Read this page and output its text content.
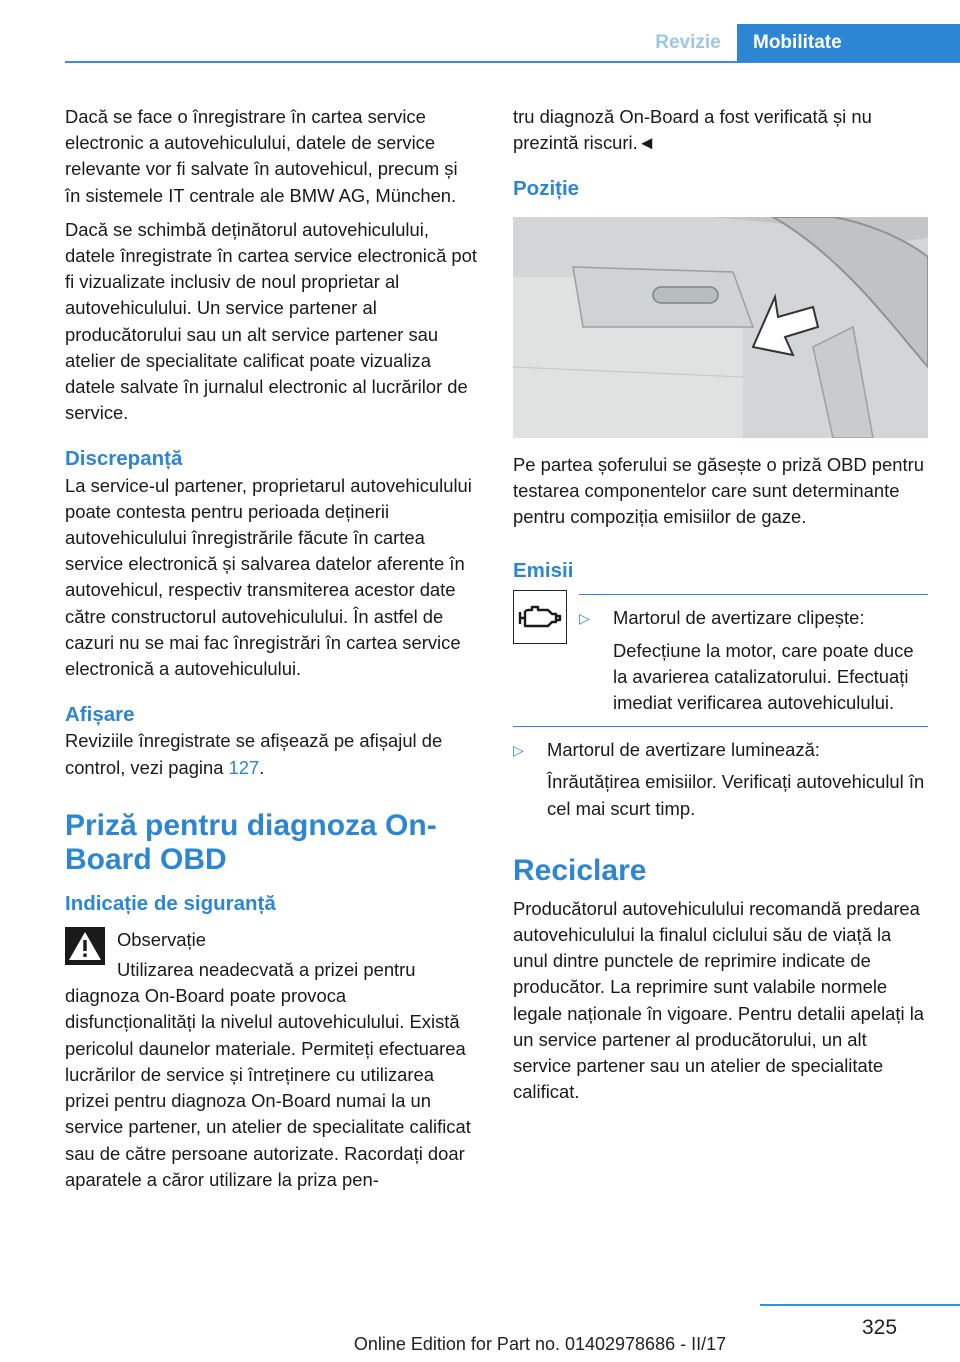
Revizie	Mobilitate

Dacă se face o înregistrare în cartea service electronic a autovehiculului, datele de service relevante vor fi salvate în autovehicul, precum și în sistemele IT centrale ale BMW AG, München.

Dacă se schimbă deținătorul autovehiculului, datele înregistrate în cartea service electronică pot fi vizualizate inclusiv de noul proprietar al autovehiculului. Un service partener al producătorului sau un alt service partener sau atelier de specialitate calificat poate vizualiza datele salvate în jurnalul electronic al lucrărilor de service.

Discrepanță

La service-ul partener, proprietarul autovehiculului poate contesta pentru perioada deținerii autovehiculului înregistrările făcute în cartea service electronică și salvarea datelor aferente în autovehicul, respectiv transmiterea acestor date către constructorul autovehiculului. În astfel de cazuri nu se mai fac înregistrări în cartea service electronică a autovehiculului.

Afișare

Reviziile înregistrate se afișează pe afișajul de control, vezi pagina 127.

Priză pentru diagnoza On-Board OBD
Indicație de siguranță
Observație

Utilizarea neadecvată a prizei pentru diagnoza On-Board poate provoca disfuncționalități la nivelul autovehiculului. Există pericolul daunelor materiale. Permiteți efectuarea lucrărilor de service și întreținere cu utilizarea prizei pentru diagnoza On-Board numai la un service partener, un atelier de specialitate calificat sau de către persoane autorizate. Racordați doar aparatele a căror utilizare la priza pen-

tru diagnoză On-Board a fost verificată și nu prezintă riscuri.◄

Poziție

Pe partea șoferului se găsește o priză OBD pentru testarea componentelor care sunt determinante pentru compoziția emisiilor de gaze.

Emisii
▷ Martorul de avertizare clipește:
Defecțiune la motor, care poate duce la avarierea catalizatorului. Efectuați imediat verificarea autovehiculului.
▷ Martorul de avertizare luminează:
Înrăutățirea emisiilor. Verificați autovehiculul în cel mai scurt timp.
Reciclare

Producătorul autovehiculului recomandă predarea autovehiculului la finalul ciclului său de viață la unul dintre punctele de reprimire indicate de producător. La reprimire sunt valabile normele legale naționale în vigoare. Pentru detalii apelați la un service partener al producătorului, un alt service partener sau un atelier de specialitate calificat.

325
Online Edition for Part no. 01402978686 - II/17
